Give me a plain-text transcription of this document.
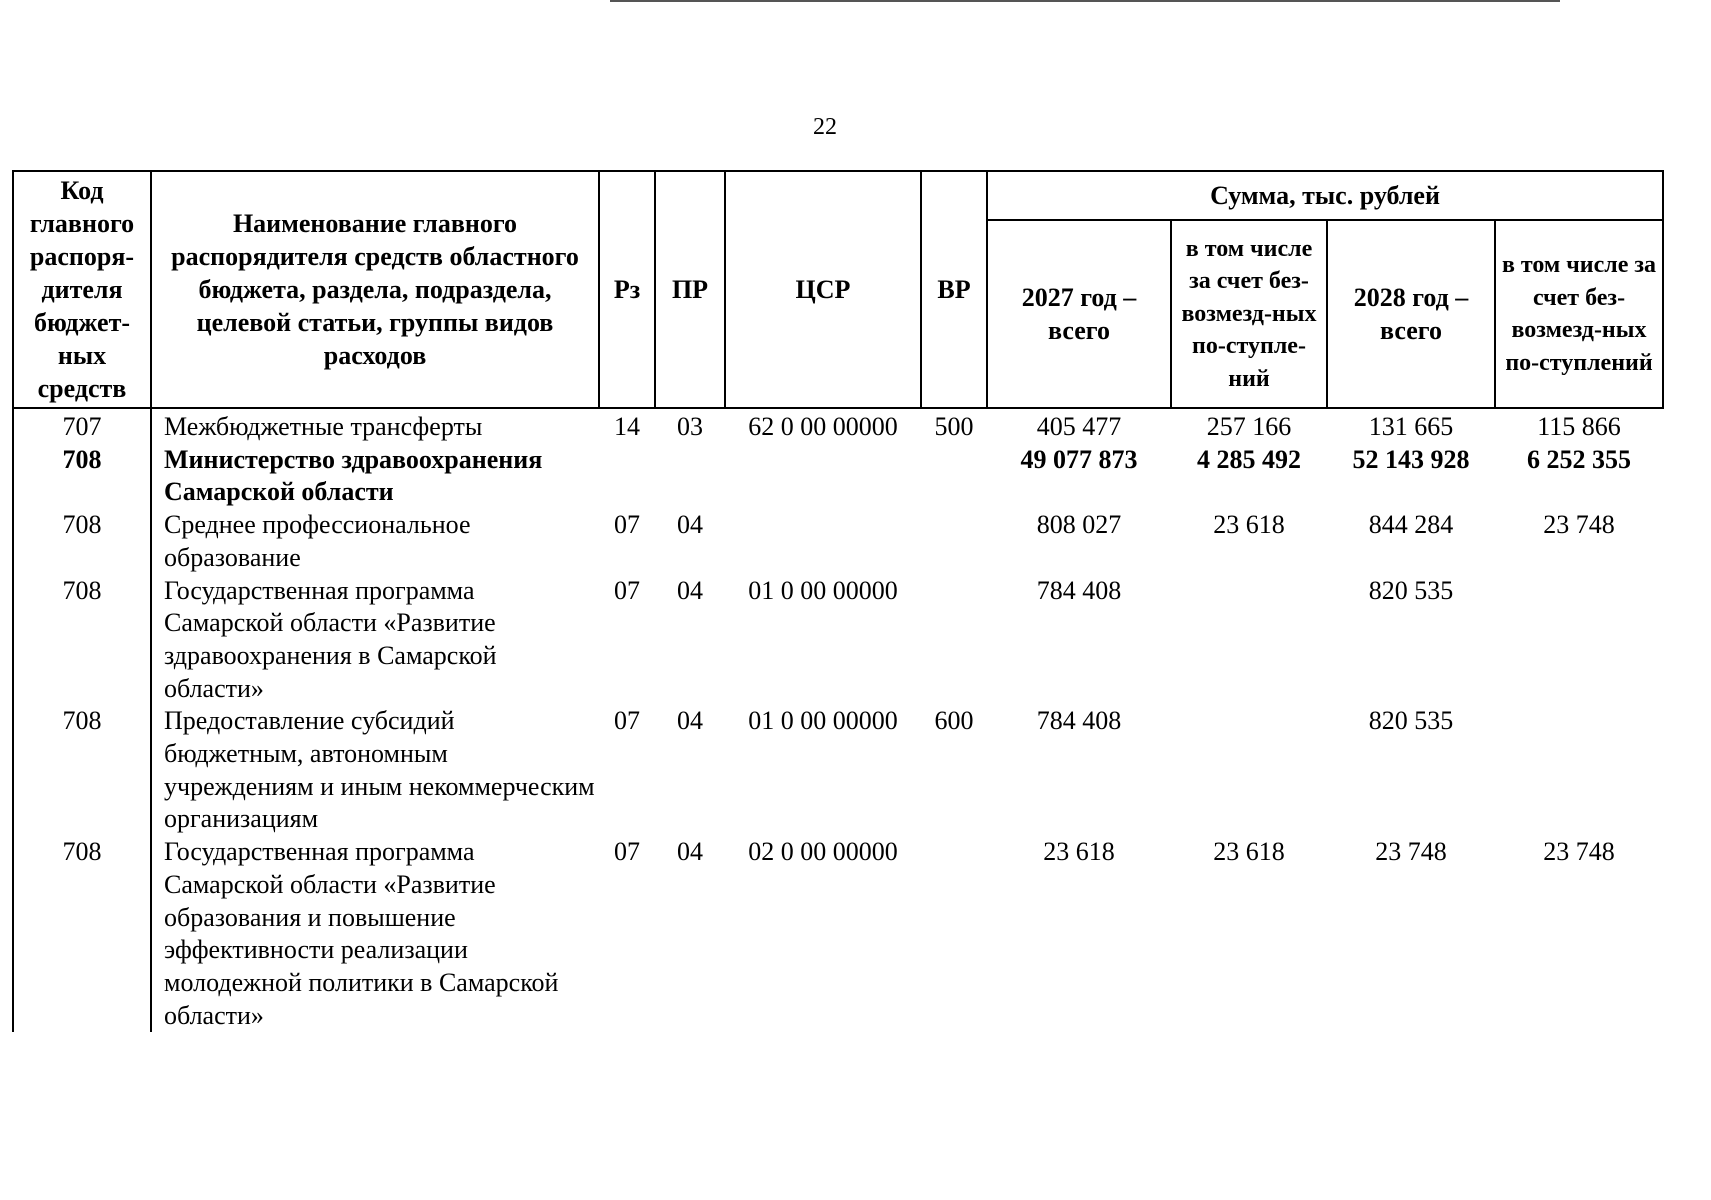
22
Код главного распоря-дителя бюджет-ных средств	Наименование главного распорядителя средств областного бюджета, раздела, подраздела, целевой статьи, группы видов расходов	Рз	ПР	ЦСР	ВР	Сумма, тыс. рублей			
						2027 год – всего	в том числе за счет без-возмезд-ных по-ступле-ний	2028 год – всего	в том числе за счет без-возмезд-ных по-ступлений
707	Межбюджетные трансферты	14	03	62 0 00 00000	500	405 477	257 166	131 665	115 866
708	Министерство здравоохранения Самарской области					49 077 873	4 285 492	52 143 928	6 252 355
708	Среднее профессиональное образование	07	04			808 027	23 618	844 284	23 748
708	Государственная программа Самарской области «Развитие здравоохранения в Самарской области»	07	04	01 0 00 00000		784 408		820 535	
708	Предоставление субсидий бюджетным, автономным учреждениям и иным некоммерческим организациям	07	04	01 0 00 00000	600	784 408		820 535	
708	Государственная программа Самарской области «Развитие образования и повышение эффективности реализации молодежной политики в Самарской области»	07	04	02 0 00 00000		23 618	23 618	23 748	23 748
